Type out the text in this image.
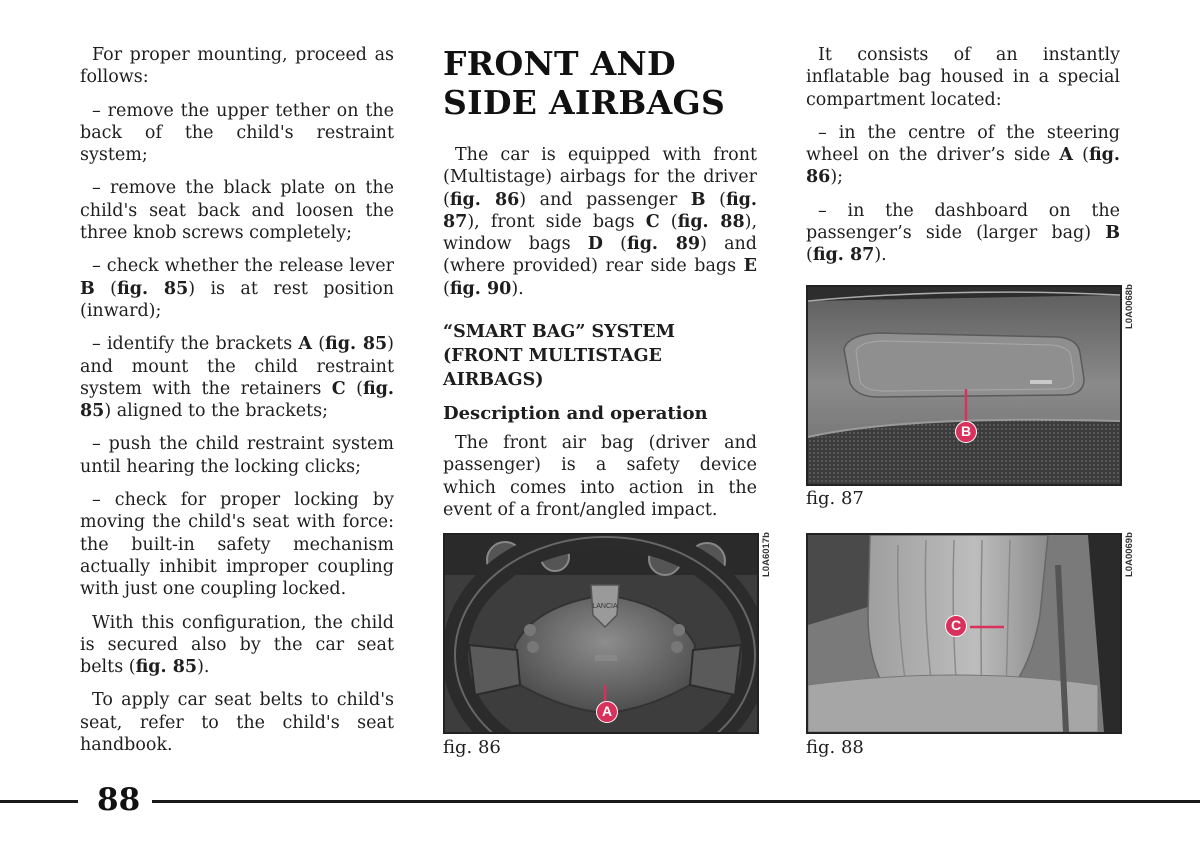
For proper mounting, proceed as follows:

– remove the upper tether on the back of the child's restraint system;

– remove the black plate on the child's seat back and loosen the three knob screws completely;

– check whether the release lever B (fig. 85) is at rest position (inward);

– identify the brackets A (fig. 85) and mount the child restraint system with the retainers C (fig. 85) aligned to the brackets;

– push the child restraint system until hearing the locking clicks;

– check for proper locking by moving the child's seat with force: the built-in safety mechanism actually inhibit improper coupling with just one coupling locked.

With this configuration, the child is secured also by the car seat belts (fig. 85).

To apply car seat belts to child's seat, refer to the child's seat handbook.

FRONT AND SIDE AIRBAGS

The car is equipped with front (Multistage) airbags for the driver (fig. 86) and passenger B (fig. 87), front side bags C (fig. 88), window bags D (fig. 89) and (where provided) rear side bags E (fig. 90).

“SMART BAG” SYSTEM
(FRONT MULTISTAGE AIRBAGS)
Description and operation

The front air bag (driver and passenger) is a safety device which comes into action in the event of a front/angled impact.

It consists of an instantly inflatable bag housed in a special compartment located:

– in the centre of the steering wheel on the driver’s side A (fig. 86);

– in the dashboard on the passenger’s side (larger bag) B (fig. 87).

B
L0A0068b
fig. 87
LANCIA
A
L0A6017b
fig. 86
C
L0A0069b
fig. 88
88
